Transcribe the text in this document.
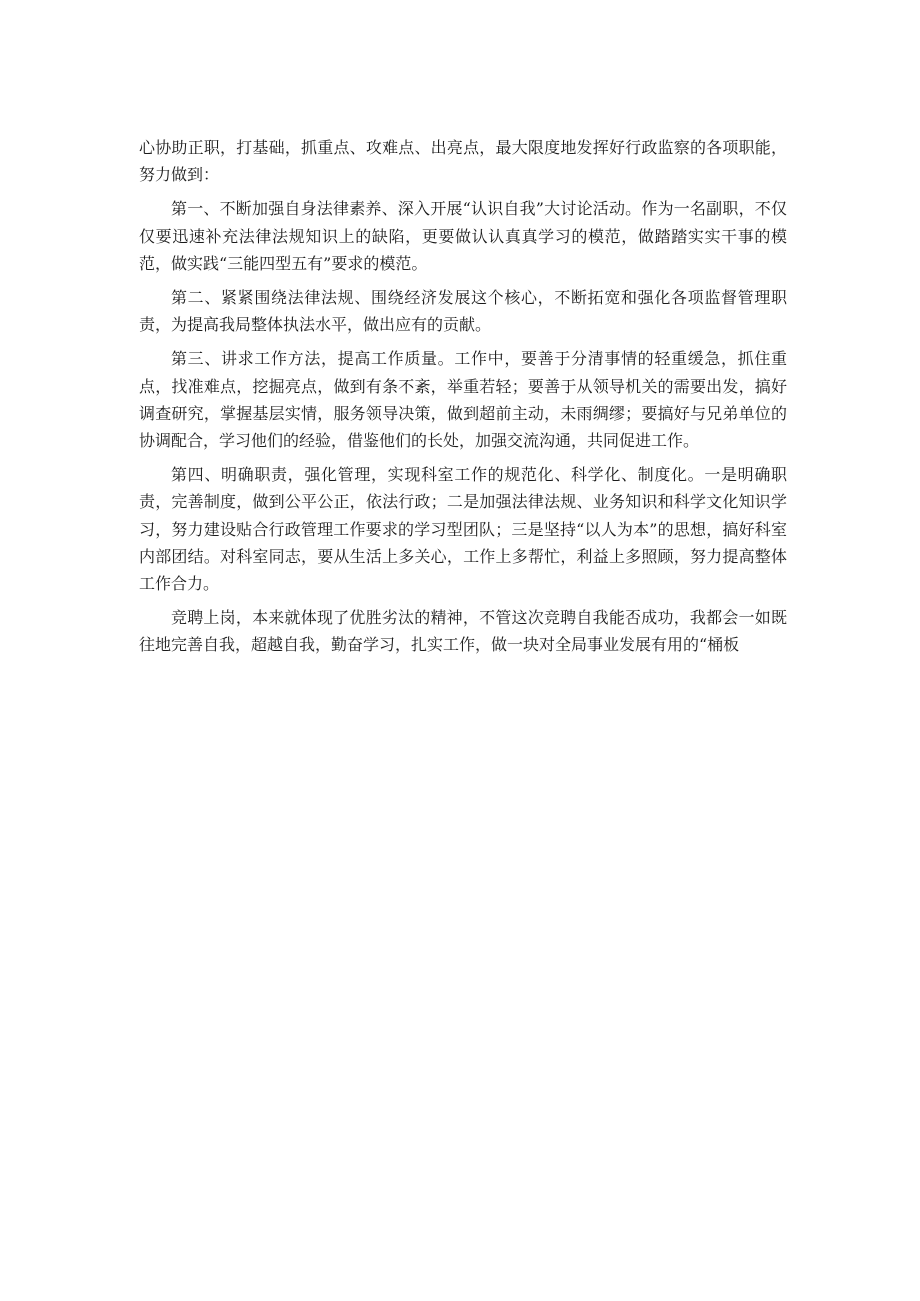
心协助正职，打基础，抓重点、攻难点、出亮点，最大限度地发挥好行政监察的各项职能，努力做到：

第一、不断加强自身法律素养、深入开展“认识自我”大讨论活动。作为一名副职，不仅仅要迅速补充法律法规知识上的缺陷，更要做认认真真学习的模范，做踏踏实实干事的模范，做实践“三能四型五有”要求的模范。

第二、紧紧围绕法律法规、围绕经济发展这个核心，不断拓宽和强化各项监督管理职责，为提高我局整体执法水平，做出应有的贡献。

第三、讲求工作方法，提高工作质量。工作中，要善于分清事情的轻重缓急，抓住重点，找准难点，挖掘亮点，做到有条不紊，举重若轻；要善于从领导机关的需要出发，搞好调查研究，掌握基层实情，服务领导决策，做到超前主动，未雨绸缪；要搞好与兄弟单位的协调配合，学习他们的经验，借鉴他们的长处，加强交流沟通，共同促进工作。

第四、明确职责，强化管理，实现科室工作的规范化、科学化、制度化。一是明确职责，完善制度，做到公平公正，依法行政；二是加强法律法规、业务知识和科学文化知识学习，努力建设贴合行政管理工作要求的学习型团队；三是坚持“以人为本”的思想，搞好科室内部团结。对科室同志，要从生活上多关心，工作上多帮忙，利益上多照顾，努力提高整体工作合力。

竞聘上岗，本来就体现了优胜劣汰的精神，不管这次竞聘自我能否成功，我都会一如既往地完善自我，超越自我，勤奋学习，扎实工作，做一块对全局事业发展有用的“桶板
